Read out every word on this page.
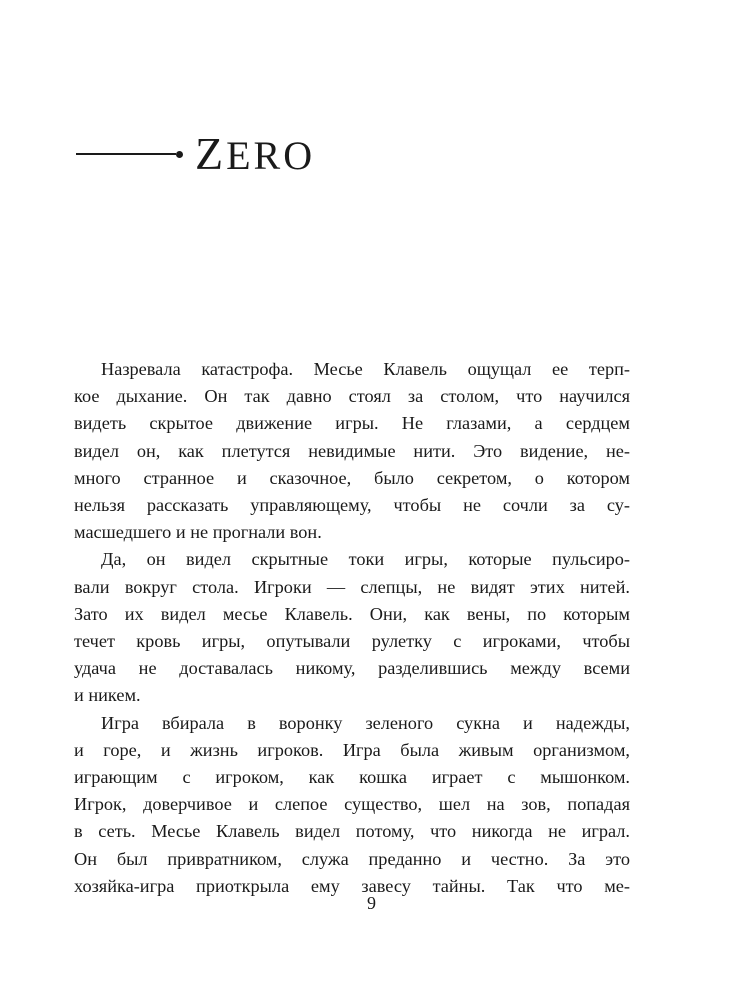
ZERO
Назревала катастрофа. Месье Клавель ощущал ее терп-
кое дыхание. Он так давно стоял за столом, что научился
видеть скрытое движение игры. Не глазами, а сердцем
видел он, как плетутся невидимые нити. Это видение, не-
много странное и сказочное, было секретом, о котором
нельзя рассказать управляющему, чтобы не сочли за су-
масшедшего и не прогнали вон.
Да, он видел скрытные токи игры, которые пульсиро-
вали вокруг стола. Игроки — слепцы, не видят этих нитей.
Зато их видел месье Клавель. Они, как вены, по которым
течет кровь игры, опутывали рулетку с игроками, чтобы
удача не доставалась никому, разделившись между всеми
и никем.
Игра вбирала в воронку зеленого сукна и надежды,
и горе, и жизнь игроков. Игра была живым организмом,
играющим с игроком, как кошка играет с мышонком.
Игрок, доверчивое и слепое существо, шел на зов, попадая
в сеть. Месье Клавель видел потому, что никогда не играл.
Он был привратником, служа преданно и честно. За это
хозяйка-игра приоткрыла ему завесу тайны. Так что ме-
9
